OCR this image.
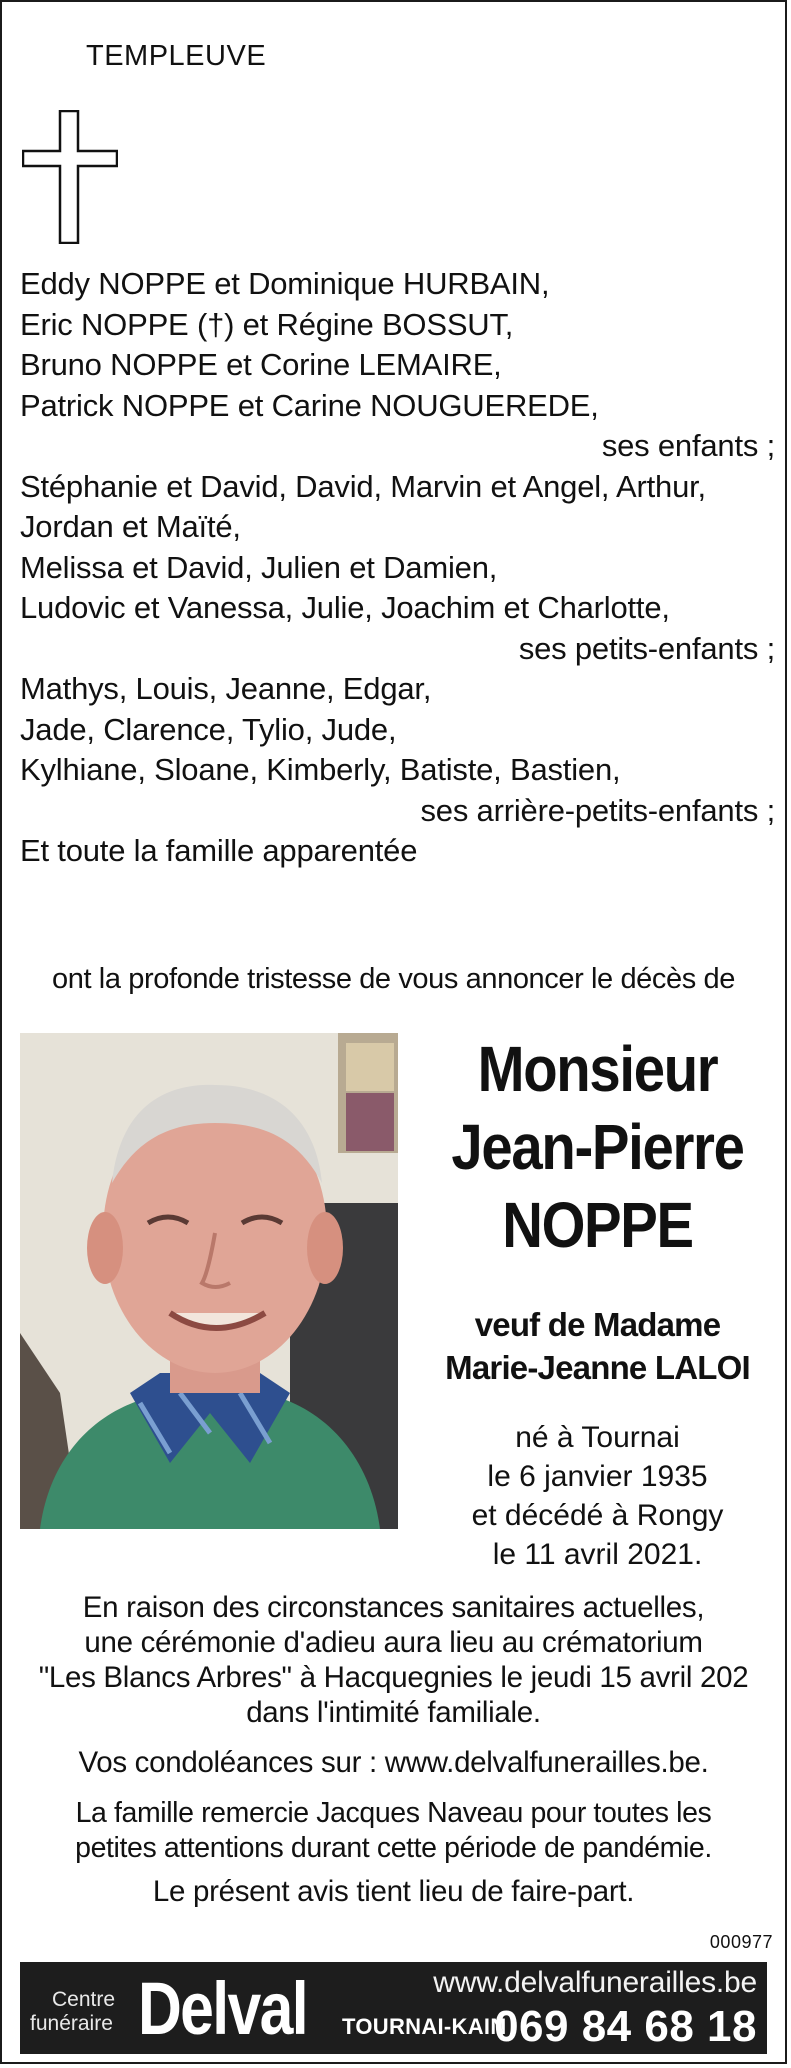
TEMPLEUVE
Eddy NOPPE et Dominique HURBAIN,
Eric NOPPE (†) et Régine BOSSUT,
Bruno NOPPE et Corine LEMAIRE,
Patrick NOPPE et Carine NOUGUEREDE,
ses enfants ;
Stéphanie et David, David, Marvin et Angel, Arthur,
Jordan et Maïté,
Melissa et David, Julien et Damien,
Ludovic et Vanessa, Julie, Joachim et Charlotte,
ses petits-enfants ;
Mathys, Louis, Jeanne, Edgar,
Jade, Clarence, Tylio, Jude,
Kylhiane, Sloane, Kimberly, Batiste, Bastien,
ses arrière-petits-enfants ;
Et toute la famille apparentée
ont la profonde tristesse de vous annoncer le décès de
Monsieur
Jean-Pierre
NOPPE
veuf de Madame
Marie-Jeanne LALOI
né à Tournai
le 6 janvier 1935
et décédé à Rongy
le 11 avril 2021.
En raison des circonstances sanitaires actuelles,
une cérémonie d'adieu aura lieu au crématorium
"Les Blancs Arbres" à Hacquegnies le jeudi 15 avril 202
dans l'intimité familiale.
Vos condoléances sur : www.delvalfunerailles.be.
La famille remercie Jacques Naveau pour toutes les
petites attentions durant cette période de pandémie.
Le présent avis tient lieu de faire-part.
000977
Centre
funéraire Delval	www.delvalfunerailles.be
TOURNAI-KAIN
069 84 68 18
